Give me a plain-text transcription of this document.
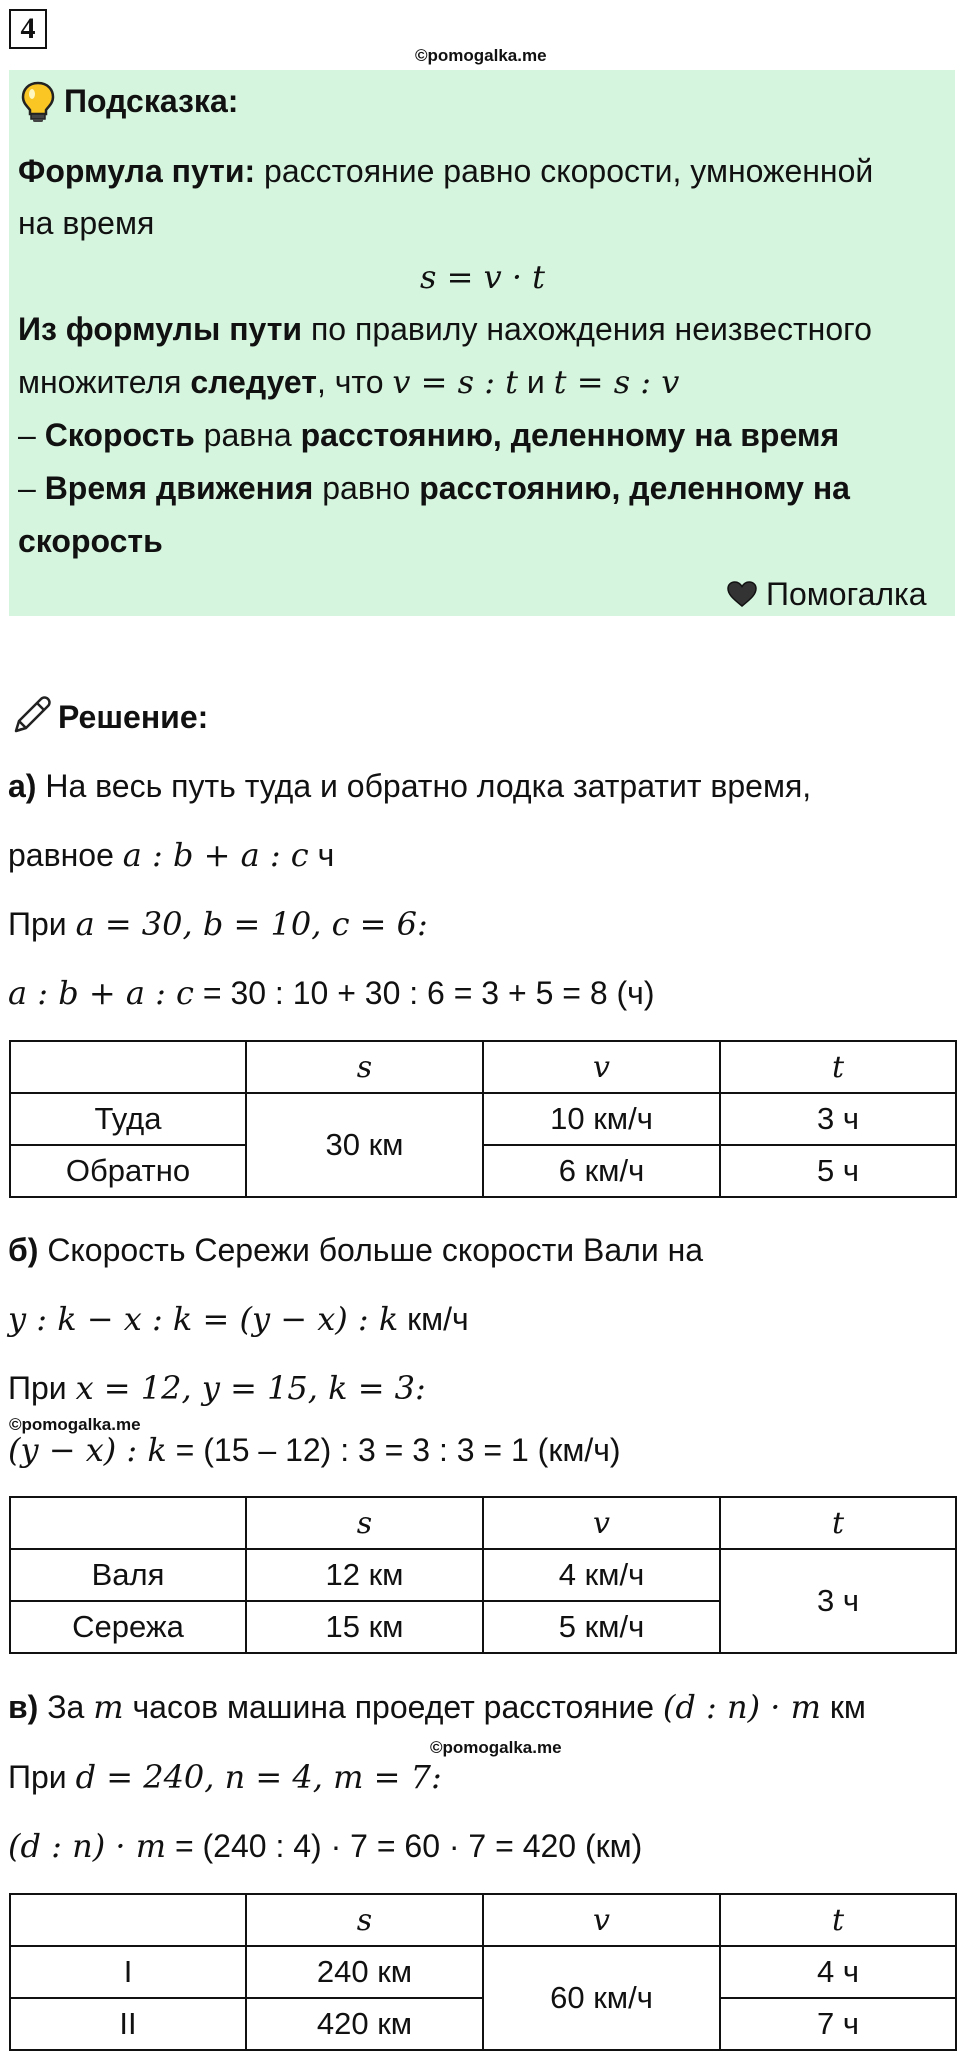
4
©pomogalka.me
Подсказка:
Формула пути: расстояние равно скорости, умноженной
на время
s = v · t
Из формулы пути по правилу нахождения неизвестного
множителя следует, что v = s : t и t = s : v
– Скорость равна расстоянию, деленному на время
– Время движения равно расстоянию, деленному на
скорость
Помогалка
Решение:
а) На весь путь туда и обратно лодка затратит время,
равное a : b + a : c ч
При a = 30, b = 10, c = 6:
a : b + a : c = 30 : 10 + 30 : 6 = 3 + 5 = 8 (ч)
	s	v	t
Туда	30 км	10 км/ч	3 ч
Обратно		6 км/ч	5 ч
б) Скорость Сережи больше скорости Вали на
y : k − x : k = (y − x) : k км/ч
При x = 12, y = 15, k = 3:
©pomogalka.me
(y − x) : k = (15 – 12) : 3 = 3 : 3 = 1 (км/ч)
	s	v	t
Валя	12 км	4 км/ч	3 ч
Сережа	15 км	5 км/ч	
в) За m часов машина проедет расстояние (d : n) · m км
©pomogalka.me
При d = 240, n = 4, m = 7:
(d : n) · m = (240 : 4) · 7 = 60 · 7 = 420 (км)
	s	v	t
I	240 км	60 км/ч	4 ч
II	420 км		7 ч
